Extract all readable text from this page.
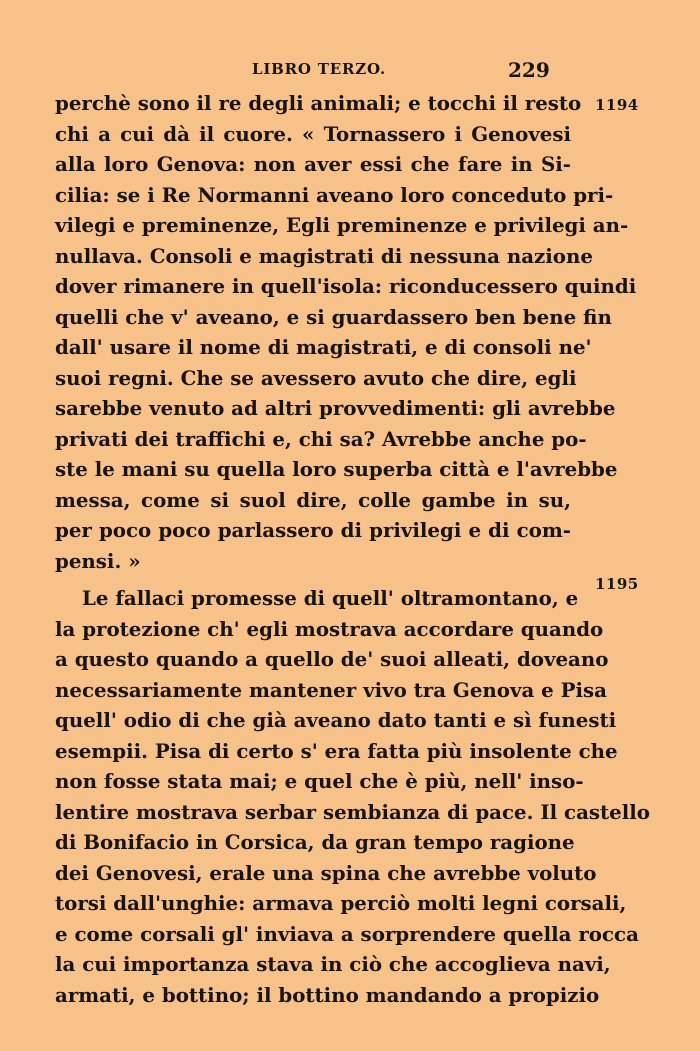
LIBRO TERZO.	229
1194
1195
perchè sono il re degli animali; e tocchi il resto
chi a cui dà il cuore. « Tornassero i Genovesi
alla loro Genova: non aver essi che fare in Si-
cilia: se i Re Normanni aveano loro conceduto pri-
vilegi e preminenze, Egli preminenze e privilegi an-
nullava. Consoli e magistrati di nessuna nazione
dover rimanere in quell'isola: riconducessero quindi
quelli che v' aveano, e si guardassero ben bene fin
dall' usare il nome di magistrati, e di consoli ne'
suoi regni. Che se avessero avuto che dire, egli
sarebbe venuto ad altri provvedimenti: gli avrebbe
privati dei traffichi e, chi sa? Avrebbe anche po-
ste le mani su quella loro superba città e l'avrebbe
messa, come si suol dire, colle gambe in su,
per poco poco parlassero di privilegi e di com-
pensi. »
Le fallaci promesse di quell' oltramontano, e
la protezione ch' egli mostrava accordare quando
a questo quando a quello de' suoi alleati, doveano
necessariamente mantener vivo tra Genova e Pisa
quell' odio di che già aveano dato tanti e sì funesti
esempii. Pisa di certo s' era fatta più insolente che
non fosse stata mai; e quel che è più, nell' inso-
lentire mostrava serbar sembianza di pace. Il castello
di Bonifacio in Corsica, da gran tempo ragione
dei Genovesi, erale una spina che avrebbe voluto
torsi dall'unghie: armava perciò molti legni corsali,
e come corsali gl' inviava a sorprendere quella rocca
la cui importanza stava in ciò che accoglieva navi,
armati, e bottino; il bottino mandando a propizio
